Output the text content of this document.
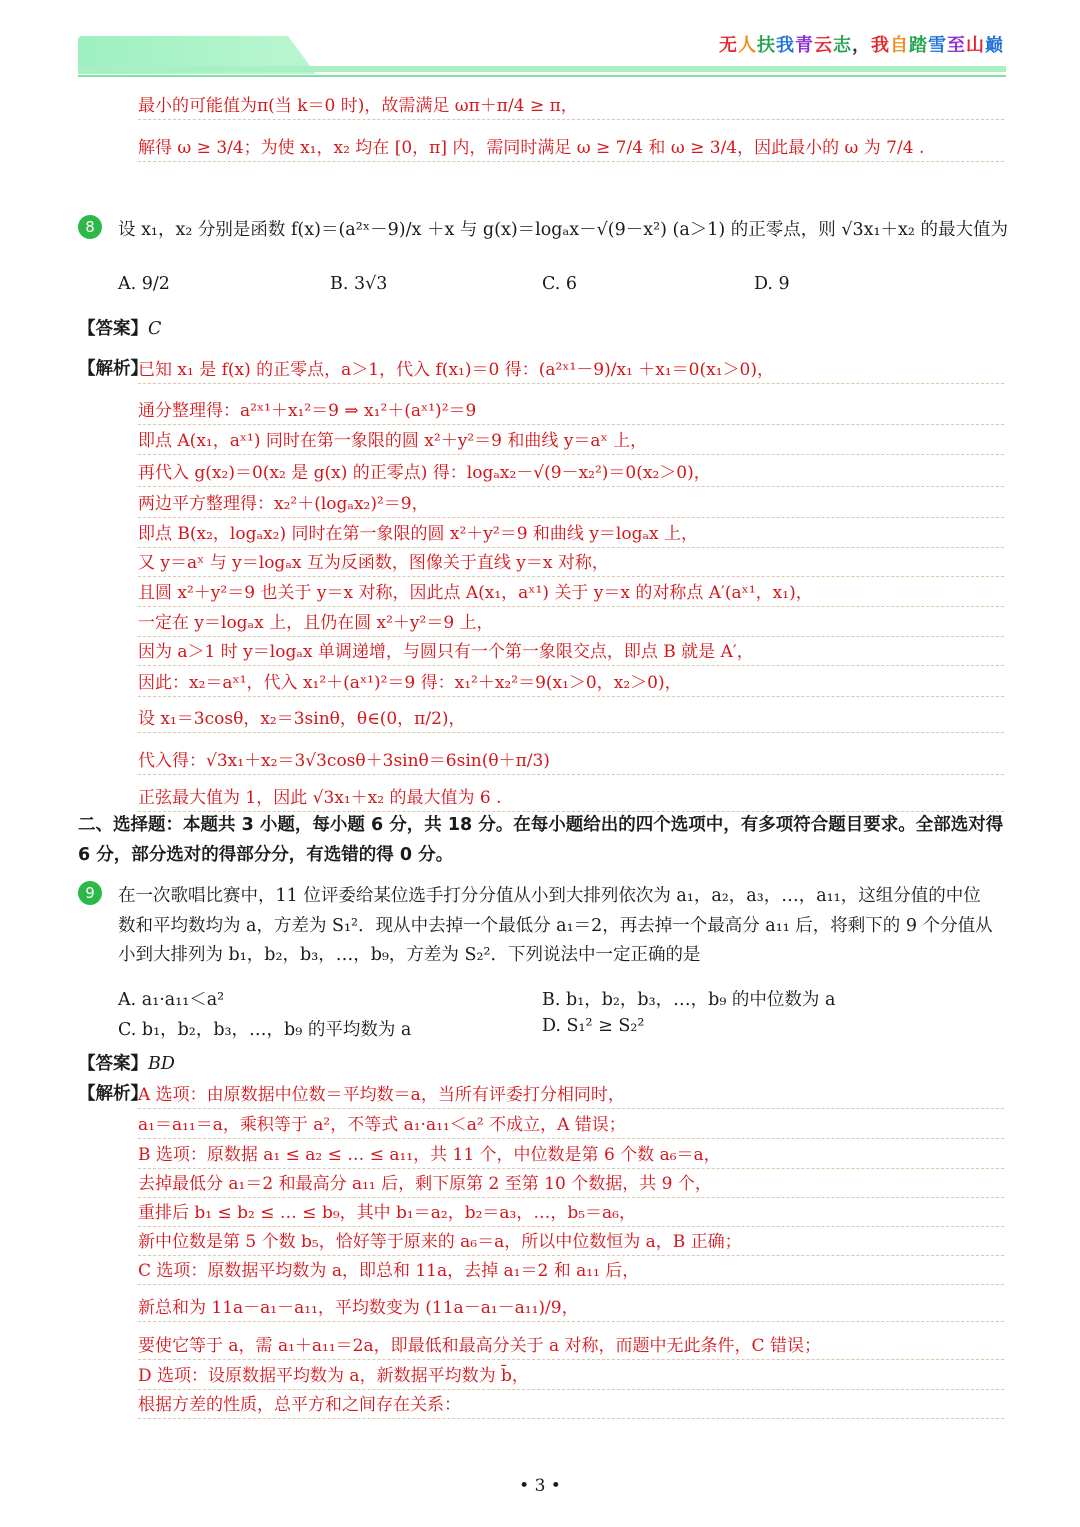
无人扶我青云志，我自踏雪至山巅
最小的可能值为π(当 k＝0 时)，故需满足 ωπ＋π/4 ≥ π，
解得 ω ≥ 3/4；为使 x₁，x₂ 均在 [0，π] 内，需同时满足 ω ≥ 7/4 和 ω ≥ 3/4，因此最小的 ω 为 7/4 .
8	设 x₁，x₂ 分别是函数 f(x)＝(a²ˣ－9)/x ＋x 与 g(x)＝logₐx－√(9－x²) (a＞1) 的正零点，则 √3x₁＋x₂ 的最大值为
A. 9/2	B. 3√3	C. 6	D. 9
【答案】C
【解析】
已知 x₁ 是 f(x) 的正零点，a＞1，代入 f(x₁)＝0 得：(a²ˣ¹－9)/x₁ ＋x₁＝0(x₁＞0)，
通分整理得：a²ˣ¹＋x₁²＝9 ⇒ x₁²＋(aˣ¹)²＝9
即点 A(x₁，aˣ¹) 同时在第一象限的圆 x²＋y²＝9 和曲线 y＝aˣ 上，
再代入 g(x₂)＝0(x₂ 是 g(x) 的正零点) 得：logₐx₂－√(9－x₂²)＝0(x₂＞0)，
两边平方整理得：x₂²＋(logₐx₂)²＝9，
即点 B(x₂，logₐx₂) 同时在第一象限的圆 x²＋y²＝9 和曲线 y＝logₐx 上，
又 y＝aˣ 与 y＝logₐx 互为反函数，图像关于直线 y＝x 对称，
且圆 x²＋y²＝9 也关于 y＝x 对称，因此点 A(x₁，aˣ¹) 关于 y＝x 的对称点 A′(aˣ¹，x₁)，
一定在 y＝logₐx 上，且仍在圆 x²＋y²＝9 上，
因为 a＞1 时 y＝logₐx 单调递增，与圆只有一个第一象限交点，即点 B 就是 A′，
因此：x₂＝aˣ¹，代入 x₁²＋(aˣ¹)²＝9 得：x₁²＋x₂²＝9(x₁＞0，x₂＞0)，
设 x₁＝3cosθ，x₂＝3sinθ，θ∈(0，π/2)，
代入得：√3x₁＋x₂＝3√3cosθ＋3sinθ＝6sin(θ＋π/3)
正弦最大值为 1，因此 √3x₁＋x₂ 的最大值为 6 .
二、选择题：本题共 3 小题，每小题 6 分，共 18 分。在每小题给出的四个选项中，有多项符合题目要求。全部选对得 6 分，部分选对的得部分分，有选错的得 0 分。
9	在一次歌唱比赛中，11 位评委给某位选手打分分值从小到大排列依次为 a₁，a₂，a₃，…，a₁₁，这组分值的中位
数和平均数均为 a，方差为 S₁²．现从中去掉一个最低分 a₁＝2，再去掉一个最高分 a₁₁ 后，将剩下的 9 个分值从
小到大排列为 b₁，b₂，b₃，…，b₉，方差为 S₂²．下列说法中一定正确的是
A. a₁·a₁₁＜a²	B. b₁，b₂，b₃，…，b₉ 的中位数为 a
C. b₁，b₂，b₃，…，b₉ 的平均数为 a	D. S₁² ≥ S₂²
【答案】BD
【解析】
A 选项：由原数据中位数＝平均数＝a，当所有评委打分相同时，
a₁＝a₁₁＝a，乘积等于 a²，不等式 a₁·a₁₁＜a² 不成立，A 错误；
B 选项：原数据 a₁ ≤ a₂ ≤ … ≤ a₁₁，共 11 个，中位数是第 6 个数 a₆＝a，
去掉最低分 a₁＝2 和最高分 a₁₁ 后，剩下原第 2 至第 10 个数据，共 9 个，
重排后 b₁ ≤ b₂ ≤ … ≤ b₉，其中 b₁＝a₂，b₂＝a₃，…，b₅＝a₆，
新中位数是第 5 个数 b₅，恰好等于原来的 a₆＝a，所以中位数恒为 a，B 正确；
C 选项：原数据平均数为 a，即总和 11a，去掉 a₁＝2 和 a₁₁ 后，
新总和为 11a－a₁－a₁₁，平均数变为 (11a－a₁－a₁₁)/9，
要使它等于 a，需 a₁＋a₁₁＝2a，即最低和最高分关于 a 对称，而题中无此条件，C 错误；
D 选项：设原数据平均数为 a，新数据平均数为 b̄，
根据方差的性质，总平方和之间存在关系：
• 3 •
